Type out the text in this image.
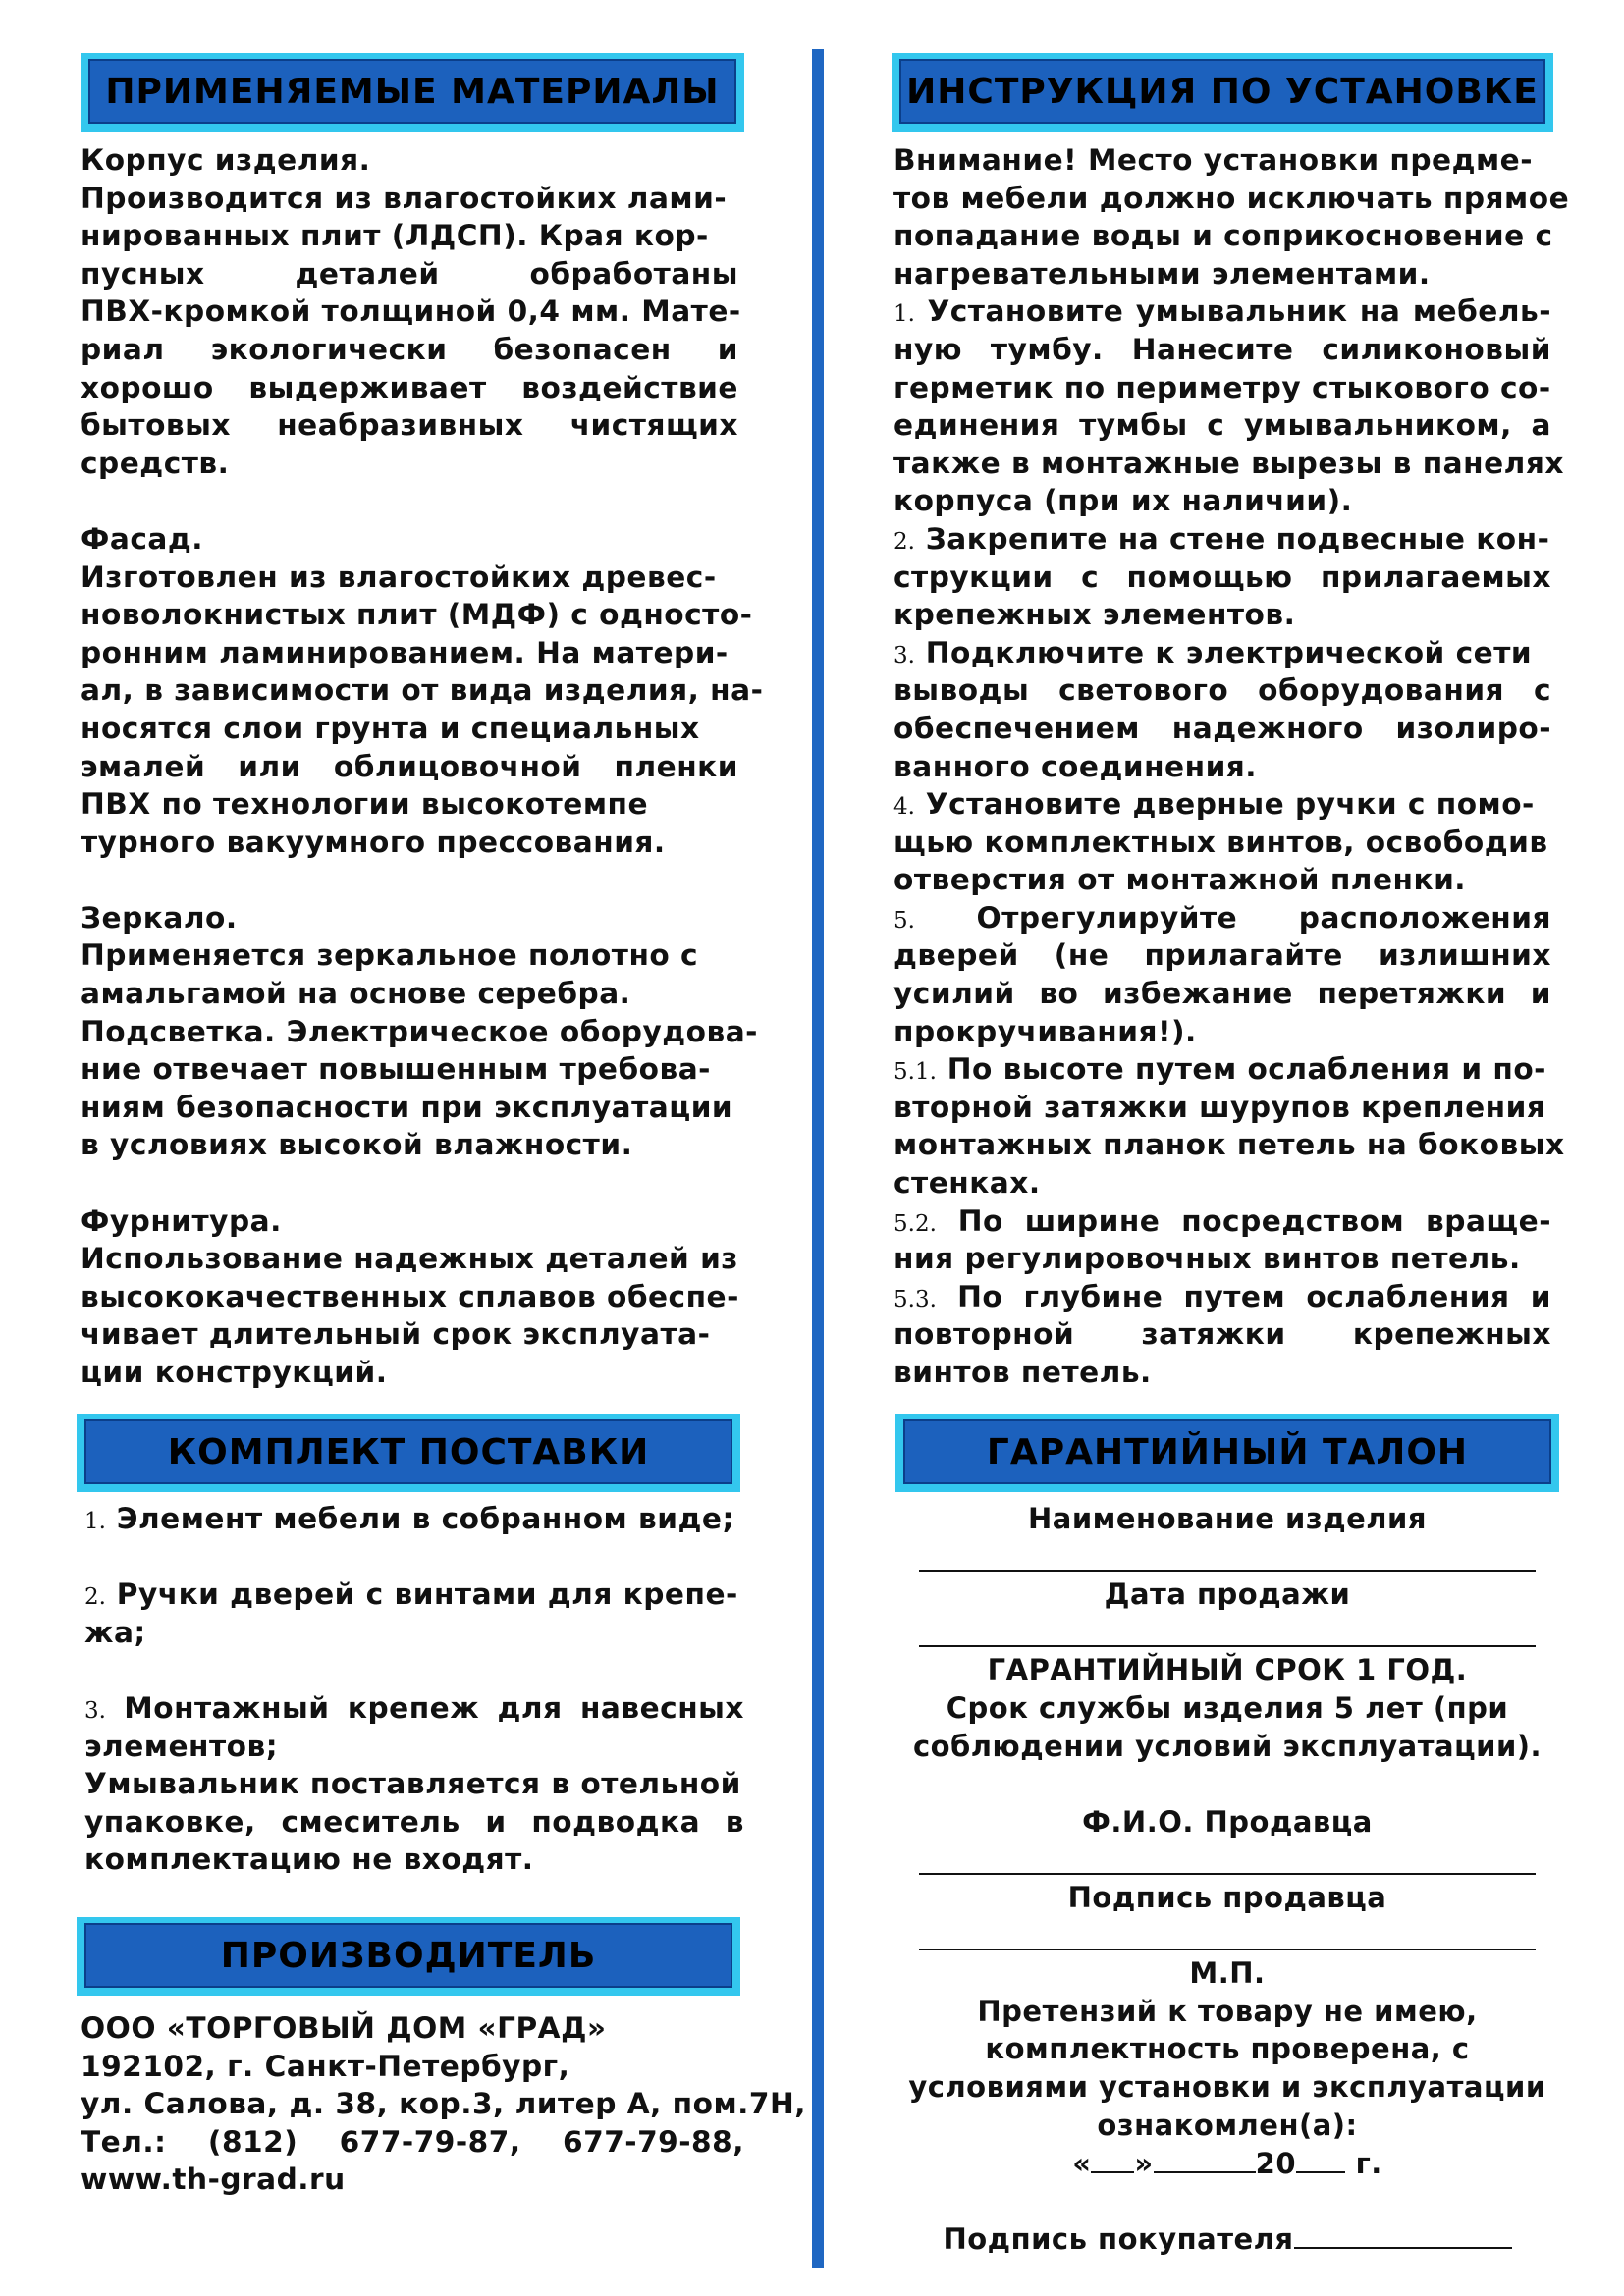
ПРИМЕНЯЕМЫЕ МАТЕРИАЛЫ
Корпус изделия.
Производится из влагостойких лами-
нированных плит (ЛДСП). Края кор-
пусных деталей обработаны
ПВХ-кромкой толщиной 0,4 мм. Мате-
риал экологически безопасен и
хорошо выдерживает воздействие
бытовых неабразивных чистящих
средств.
Фасад.
Изготовлен из влагостойких древес-
новолокнистых плит (МДФ) с односто-
ронним ламинированием. На матери-
ал, в зависимости от вида изделия, на-
носятся слои грунта и специальных
эмалей или облицовочной пленки
ПВХ по технологии высокотемпе
турного вакуумного прессования.
Зеркало.
Применяется зеркальное полотно с
амальгамой на основе серебра.
Подсветка. Электрическое оборудова-
ние отвечает повышенным требова-
ниям безопасности при эксплуатации
в условиях высокой влажности.
Фурнитура.
Использование надежных деталей из
высококачественных сплавов обеспе-
чивает длительный срок эксплуата-
ции конструкций.
КОМПЛЕКТ ПОСТАВКИ
1. Элемент мебели в собранном виде;
2. Ручки дверей с винтами для крепе-
жа;
3. Монтажный крепеж для навесных
элементов;
Умывальник поставляется в отельной
упаковке, смеситель и подводка в
комплектацию не входят.
ПРОИЗВОДИТЕЛЬ
ООО «ТОРГОВЫЙ ДОМ «ГРАД»
192102, г. Санкт-Петербург,
ул. Салова, д. 38, кор.3, литер А, пом.7Н,
Тел.: (812) 677-79-87, 677-79-88,
www.th-grad.ru
ИНСТРУКЦИЯ ПО УСТАНОВКЕ
Внимание! Место установки предме-
тов мебели должно исключать прямое
попадание воды и соприкосновение с
нагревательными элементами.
1. Установите умывальник на мебель-
ную тумбу. Нанесите силиконовый
герметик по периметру стыкового со-
единения тумбы с умывальником, а
также в монтажные вырезы в панелях
корпуса (при их наличии).
2. Закрепите на стене подвесные кон-
струкции с помощью прилагаемых
крепежных элементов.
3. Подключите к электрической сети
выводы светового оборудования с
обеспечением надежного изолиро-
ванного соединения.
4. Установите дверные ручки с помо-
щью комплектных винтов, освободив
отверстия от монтажной пленки.
5. Отрегулируйте расположения
дверей (не прилагайте излишних
усилий во избежание перетяжки и
прокручивания!).
5.1. По высоте путем ослабления и по-
вторной затяжки шурупов крепления
монтажных планок петель на боковых
стенках.
5.2. По ширине посредством враще-
ния регулировочных винтов петель.
5.3. По глубине путем ослабления и
повторной затяжки крепежных
винтов петель.
ГАРАНТИЙНЫЙ ТАЛОН
Наименование изделия
Дата продажи
ГАРАНТИЙНЫЙ СРОК 1 ГОД.
Срок службы изделия 5 лет (при
соблюдении условий эксплуатации).
Ф.И.О. Продавца
Подпись продавца
М.П.
Претензий к товару не имею,
комплектность проверена, с
условиями установки и эксплуатации
ознакомлен(а):
« »	20 г.
Подпись покупателя
